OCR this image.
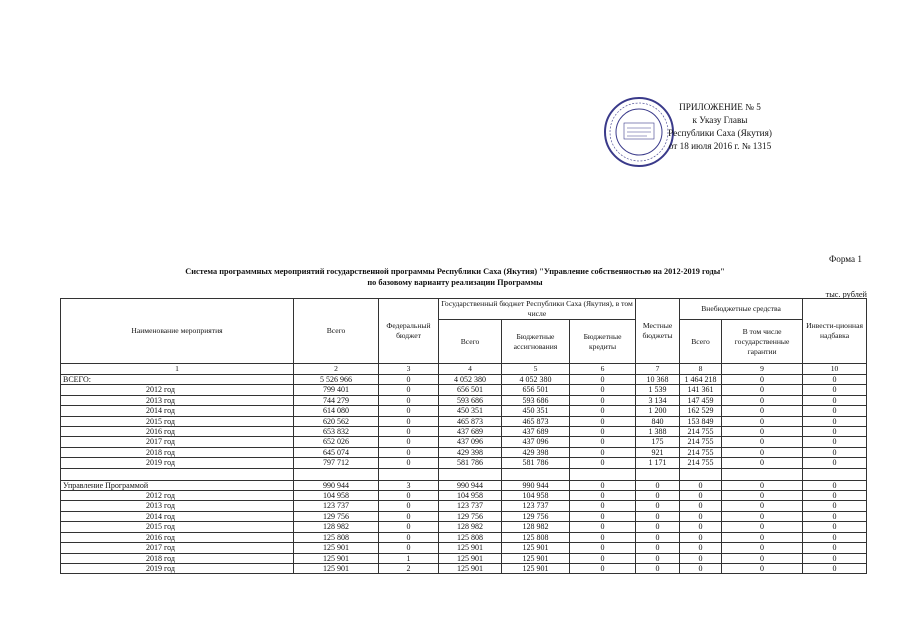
ПРИЛОЖЕНИЕ № 5
к Указу Главы
Республики Саха (Якутия)
от 18 июля 2016 г. № 1315
Форма 1
Система программных мероприятий государственной программы Республики Саха (Якутия) "Управление собственностью на 2012-2019 годы"
по базовому варианту реализации Программы
тыс. рублей
Наименование мероприятия	Всего	Федеральный бюджет	Государственный бюджет Республики Саха (Якутия), в том числе			Местные бюджеты	Внебюджетные средства		Инвести-ционная надбавка
			Всего	Бюджетные ассигнования	Бюджетные кредиты		Всего	В том числе государственные гарантии	
1	2	3	4	5	6	7	8	9	10
ВСЕГО:	5 526 966	0	4 052 380	4 052 380	0	10 368	1 464 218	0	0
2012 год	799 401	0	656 501	656 501	0	1 539	141 361	0	0
2013 год	744 279	0	593 686	593 686	0	3 134	147 459	0	0
2014 год	614 080	0	450 351	450 351	0	1 200	162 529	0	0
2015 год	620 562	0	465 873	465 873	0	840	153 849	0	0
2016 год	653 832	0	437 689	437 689	0	1 388	214 755	0	0
2017 год	652 026	0	437 096	437 096	0	175	214 755	0	0
2018 год	645 074	0	429 398	429 398	0	921	214 755	0	0
2019 год	797 712	0	581 786	581 786	0	1 171	214 755	0	0

Управление Программой	990 944	3	990 944	990 944	0	0	0	0	0
2012 год	104 958	0	104 958	104 958	0	0	0	0	0
2013 год	123 737	0	123 737	123 737	0	0	0	0	0
2014 год	129 756	0	129 756	129 756	0	0	0	0	0
2015 год	128 982	0	128 982	128 982	0	0	0	0	0
2016 год	125 808	0	125 808	125 808	0	0	0	0	0
2017 год	125 901	0	125 901	125 901	0	0	0	0	0
2018 год	125 901	1	125 901	125 901	0	0	0	0	0
2019 год	125 901	2	125 901	125 901	0	0	0	0	0
